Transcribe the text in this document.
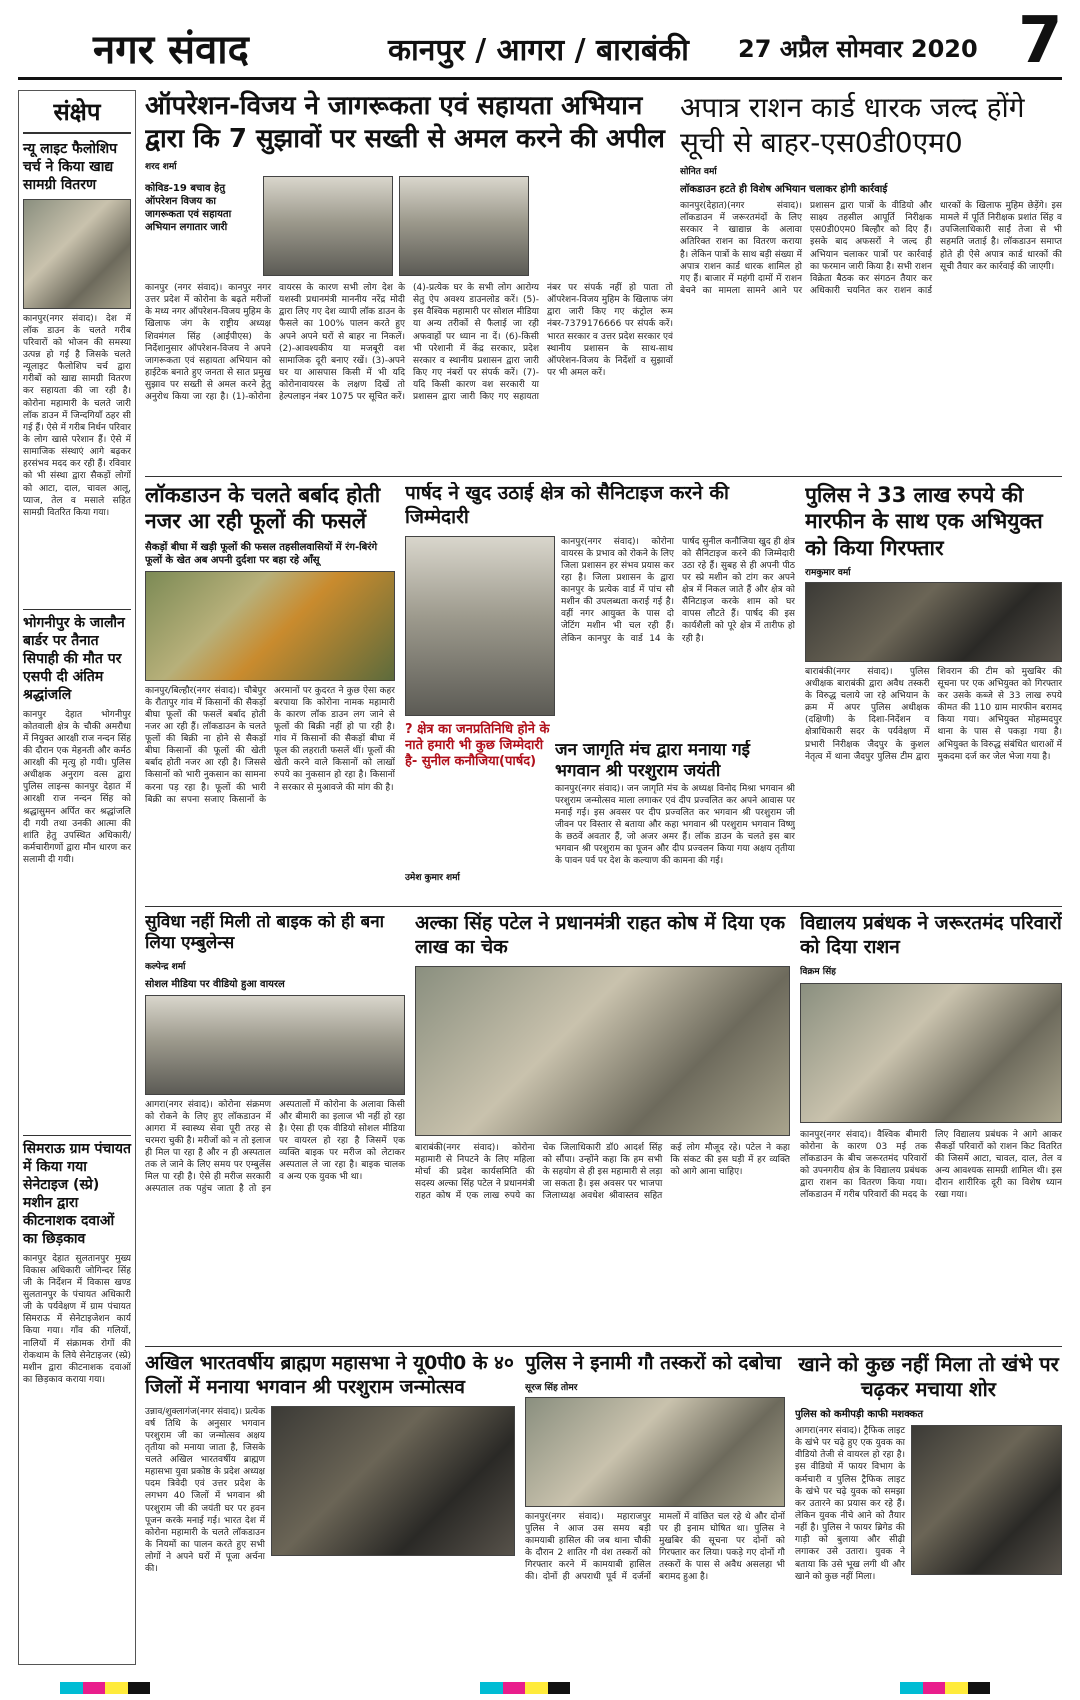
नगर संवाद	कानपुर / आगरा / बाराबंकी 27 अप्रैल सोमवार 2020 7
संक्षेप
न्यू लाइट फैलोशिप चर्च ने किया खाद्य सामग्री वितरण
कानपुर(नगर संवाद)। देश में लॉक डाउन के चलते गरीब परिवारों को भोजन की समस्या उत्पन्न हो गई है जिसके चलते न्यूलाइट फैलोशिप चर्च द्वारा गरीबों को खाद्य सामग्री वितरण कर सहायता की जा रही है। कोरोना महामारी के चलते जारी लॉक डाउन में जिन्दगियाँ ठहर सी गई हैं। ऐसे में गरीब निर्धन परिवार के लोग खासे परेशान हैं। ऐसे में सामाजिक संस्थाएं आगे बढ़कर हरसंभव मदद कर रही हैं। रविवार को भी संस्था द्वारा सैकड़ों लोगों को आटा, दाल, चावल आलू, प्याज, तेल व मसाले सहित सामग्री वितरित किया गया।
भोगनीपुर के जालौन बार्डर पर तैनात सिपाही की मौत पर एसपी दी अंतिम श्रद्धांजलि
कानपुर देहात भोगनीपुर कोतवाली क्षेत्र के चौकी अमरौधा में नियुक्त आरक्षी राज नन्दन सिंह की दौरान एक मेहनती और कर्मठ आरक्षी की मृत्यु हो गयी। पुलिस अधीक्षक अनुराग वत्स द्वारा पुलिस लाइन्स कानपुर देहात में आरक्षी राज नन्दन सिंह को श्रद्धासुमन अर्पित कर श्रद्धांजलि दी गयी तथा उनकी आत्मा की शांति हेतु उपस्थित अधिकारी/कर्मचारीगणों द्वारा मौन धारण कर सलामी दी गयी।
सिमराऊ ग्राम पंचायत में किया गया सेनेटाइज (स्प्रे) मशीन द्वारा कीटनाशक दवाओं का छिड़काव
कानपुर देहात सुलतानपुर मुख्य विकास अधिकारी जोगिन्दर सिंह जी के निर्देशन में विकास खण्ड सुलतानपुर के पंचायत अधिकारी जी के पर्यवेक्षण में ग्राम पंचायत सिमराऊ में सेनेटाइजेशन कार्य किया गया। गाँव की गलियों, नालियों में संक्रामक रोगों की रोकथाम के लिये सेनेटाइजर (स्प्रे) मशीन द्वारा कीटनाशक दवाओं का छिड़काव कराया गया।
ऑपरेशन-विजय ने जागरूकता एवं सहायता अभियान द्वारा कि 7 सुझावों पर सख्ती से अमल करने की अपील
शरद शर्मा
कोविड-19 बचाव हेतु ऑपरेशन विजय का जागरूकता एवं सहायता अभियान लगातार जारी
कानपुर (नगर संवाद)। कानपुर नगर उत्तर प्रदेश में कोरोना के बढ़ते मरीजों के मध्य नगर ऑपरेशन-विजय मुहिम के खिलाफ जंग के राष्ट्रीय अध्यक्ष शिवमंगल सिंह (आईपीएस) के निर्देशानुसार ऑपरेशन-विजय ने अपने जागरूकता एवं सहायता अभियान को हाईटेक बनाते हुए जनता से सात प्रमुख सुझाव पर सख्ती से अमल करने हेतु अनुरोध किया जा रहा है। (1)-कोरोना वायरस के कारण सभी लोग देश के यशस्वी प्रधानमंत्री माननीय नरेंद्र मोदी द्वारा लिए गए देश व्यापी लॉक डाउन के फैसले का 100% पालन करते हुए अपने अपने घरों से बाहर ना निकलें। (2)-आवश्यकीय या मजबूरी वश सामाजिक दूरी बनाए रखें। (3)-अपने घर या आसपास किसी में भी यदि कोरोनावायरस के लक्षण दिखें तो हेल्पलाइन नंबर 1075 पर सूचित करें। (4)-प्रत्येक घर के सभी लोग आरोग्य सेतु ऐप अवश्य डाउनलोड करें। (5)-इस वैश्विक महामारी पर सोशल मीडिया या अन्य तरीकों से फैलाई जा रही अफवाहों पर ध्यान ना दें। (6)-किसी भी परेशानी में केंद्र सरकार, प्रदेश सरकार व स्थानीय प्रशासन द्वारा जारी किए गए नंबरों पर संपर्क करें। (7)-यदि किसी कारण वश सरकारी या प्रशासन द्वारा जारी किए गए सहायता नंबर पर संपर्क नहीं हो पाता तो ऑपरेशन-विजय मुहिम के खिलाफ जंग द्वारा जारी किए गए कंट्रोल रूम नंबर-7379176666 पर संपर्क करें। भारत सरकार व उत्तर प्रदेश सरकार एवं स्थानीय प्रशासन के साथ-साथ ऑपरेशन-विजय के निर्देशों व सुझावों पर भी अमल करें।
अपात्र राशन कार्ड धारक जल्द होंगे सूची से बाहर-एस0डी0एम0
सोनित वर्मा
लॉकडाउन हटते ही विशेष अभियान चलाकर होगी कार्रवाई
कानपुर(देहात)(नगर संवाद)। लॉकडाउन में जरूरतमंदों के लिए सरकार ने खाद्यान्न के अलावा अतिरिक्त राशन का वितरण कराया है। लेकिन पात्रों के साथ बड़ी संख्या में अपात्र राशन कार्ड धारक शामिल हो गए हैं। बाजार में महंगी दामों में राशन बेचने का मामला सामने आने पर प्रशासन द्वारा पात्रों के वीडियो और साक्ष्य तहसील आपूर्ति निरीक्षक एस0डी0एम0 बिल्हौर को दिए हैं। इसके बाद अफसरों ने जल्द ही अभियान चलाकर पात्रों पर कार्रवाई का फरमान जारी किया है। सभी राशन विक्रेता बैठक कर संगठन तैयार कर अधिकारी चयनित कर राशन कार्ड धारकों के खिलाफ मुहिम छेड़ेंगे। इस मामले में पूर्ति निरीक्षक प्रशांत सिंह व उपजिलाधिकारी साईं तेजा से भी सहमति जताई है। लॉकडाउन समाप्त होते ही ऐसे अपात्र कार्ड धारकों की सूची तैयार कर कार्रवाई की जाएगी।
लॉकडाउन के चलते बर्बाद होती नजर आ रही फूलों की फसलें
सैकड़ों बीघा में खड़ी फूलों की फसल तहसीलवासियों में रंग-बिरंगे फूलों के खेत अब अपनी दुर्दशा पर बहा रहे आँसू
कानपुर/बिल्हौर(नगर संवाद)। चौबेपुर के रौतापुर गांव में किसानों की सैकड़ों बीघा फूलों की फसलें बर्बाद होती नजर आ रही हैं। लॉकडाउन के चलते फूलों की बिक्री ना होने से सैकड़ों बीघा किसानों की फूलों की खेती बर्बाद होती नजर आ रही है। जिससे किसानों को भारी नुकसान का सामना करना पड़ रहा है। फूलों की भारी बिक्री का सपना सजाए किसानों के अरमानों पर कुदरत ने कुछ ऐसा कहर बरपाया कि कोरोना नामक महामारी के कारण लॉक डाउन लग जाने से फूलों की बिक्री नहीं हो पा रही है। गांव में किसानों की सैकड़ों बीघा में फूल की लहराती फसलें थीं। फूलों की खेती करने वाले किसानों को लाखों रुपये का नुकसान हो रहा है। किसानों ने सरकार से मुआवजे की मांग की है।
पार्षद ने खुद उठाई क्षेत्र को सैनिटाइज करने की जिम्मेदारी
? क्षेत्र का जनप्रतिनिधि होने के नाते हमारी भी कुछ जिम्मेदारी है- सुनील कनौजिया(पार्षद)
कानपुर(नगर संवाद)। कोरोना वायरस के प्रभाव को रोकने के लिए जिला प्रशासन हर संभव प्रयास कर रहा है। जिला प्रशासन के द्वारा कानपुर के प्रत्येक वार्ड में पांच सौ मशीन की उपलब्धता कराई गई है। वहीं नगर आयुक्त के पास दो जेटिंग मशीन भी चल रही हैं। लेकिन कानपुर के वार्ड 14 के पार्षद सुनील कनौजिया खुद ही क्षेत्र को सैनिटाइज करने की जिम्मेदारी उठा रहे हैं। सुबह से ही अपनी पीठ पर स्प्रे मशीन को टांग कर अपने क्षेत्र में निकल जाते हैं और क्षेत्र को सैनिटाइज करके शाम को घर वापस लौटते हैं। पार्षद की इस कार्यशैली को पूरे क्षेत्र में तारीफ हो रही है।
उमेश कुमार शर्मा
पुलिस ने 33 लाख रुपये की मारफीन के साथ एक अभियुक्त को किया गिरफ्तार
रामकुमार वर्मा
बाराबंकी(नगर संवाद)। पुलिस अधीक्षक बाराबंकी द्वारा अवैध तस्करी के विरुद्ध चलाये जा रहे अभियान के क्रम में अपर पुलिस अधीक्षक (दक्षिणी) के दिशा-निर्देशन व क्षेत्राधिकारी सदर के पर्यवेक्षण में प्रभारी निरीक्षक जैदपुर के कुशल नेतृत्व में थाना जैदपुर पुलिस टीम द्वारा शिवरान की टीम को मुखबिर की सूचना पर एक अभियुक्त को गिरफ्तार कर उसके कब्जे से 33 लाख रुपये कीमत की 110 ग्राम मारफीन बरामद किया गया। अभियुक्त मोहम्मदपुर थाना के पास से पकड़ा गया है। अभियुक्त के विरुद्ध संबंधित धाराओं में मुकदमा दर्ज कर जेल भेजा गया है।
जन जागृति मंच द्वारा मनाया गई भगवान श्री परशुराम जयंती
कानपुर(नगर संवाद)। जन जागृति मंच के अध्यक्ष विनोद मिश्रा भगवान श्री परशुराम जन्मोत्सव माला लगाकर एवं दीप प्रज्वलित कर अपने आवास पर मनाई गई। इस अवसर पर दीप प्रज्वलित कर भगवान श्री परशुराम जी जीवन पर विस्तार से बताया और कहा भगवान श्री परशुराम भगवान विष्णु के छठवें अवतार हैं, जो अजर अमर हैं। लॉक डाउन के चलते इस बार भगवान श्री परशुराम का पूजन और दीप प्रज्वलन किया गया अक्षय तृतीया के पावन पर्व पर देश के कल्याण की कामना की गई।
सुविधा नहीं मिली तो बाइक को ही बना लिया एम्बुलेन्स
कल्पेन्द्र शर्मा
सोशल मीडिया पर वीडियो हुआ वायरल
आगरा(नगर संवाद)। कोरोना संक्रमण को रोकने के लिए हुए लॉकडाउन में आगरा में स्वास्थ्य सेवा पूरी तरह से चरमरा चुकी है। मरीजों को न तो इलाज ही मिल पा रहा है और न ही अस्पताल तक ले जाने के लिए समय पर एम्बुलेंस मिल पा रही है। ऐसे ही मरीज सरकारी अस्पताल तक पहुंच जाता है तो इन अस्पतालों में कोरोना के अलावा किसी और बीमारी का इलाज भी नहीं हो रहा है। ऐसा ही एक वीडियो सोशल मीडिया पर वायरल हो रहा है जिसमें एक व्यक्ति बाइक पर मरीज को लेटाकर अस्पताल ले जा रहा है। बाइक चालक व अन्य एक युवक भी था।
अल्का सिंह पटेल ने प्रधानमंत्री राहत कोष में दिया एक लाख का चेक
बाराबंकी(नगर संवाद)। कोरोना महामारी से निपटने के लिए महिला मोर्चा की प्रदेश कार्यसमिति की सदस्य अल्का सिंह पटेल ने प्रधानमंत्री राहत कोष में एक लाख रुपये का चेक जिलाधिकारी डॉ0 आदर्श सिंह को सौंपा। उन्होंने कहा कि हम सभी के सहयोग से ही इस महामारी से लड़ा जा सकता है। इस अवसर पर भाजपा जिलाध्यक्ष अवधेश श्रीवास्तव सहित कई लोग मौजूद रहे। पटेल ने कहा कि संकट की इस घड़ी में हर व्यक्ति को आगे आना चाहिए।
विद्यालय प्रबंधक ने जरूरतमंद परिवारों को दिया राशन
विक्रम सिंह
कानपुर(नगर संवाद)। वैश्विक बीमारी कोरोना के कारण 03 मई तक लॉकडाउन के बीच जरूरतमंद परिवारों को उपनगरीय क्षेत्र के विद्यालय प्रबंधक द्वारा राशन का वितरण किया गया। लॉकडाउन में गरीब परिवारों की मदद के लिए विद्यालय प्रबंधक ने आगे आकर सैकड़ों परिवारों को राशन किट वितरित की जिसमें आटा, चावल, दाल, तेल व अन्य आवश्यक सामग्री शामिल थी। इस दौरान शारीरिक दूरी का विशेष ध्यान रखा गया।
अखिल भारतवर्षीय ब्राह्मण महासभा ने यू0पी0 के ४० जिलों में मनाया भगवान श्री परशुराम जन्मोत्सव
उन्नाव/शुक्लागंज(नगर संवाद)। प्रत्येक वर्ष तिथि के अनुसार भगवान परशुराम जी का जन्मोत्सव अक्षय तृतीया को मनाया जाता है, जिसके चलते अखिल भारतवर्षीय ब्राह्मण महासभा युवा प्रकोष्ठ के प्रदेश अध्यक्ष पदम त्रिवेदी एवं उत्तर प्रदेश के लगभग 40 जिलों में भगवान श्री परशुराम जी की जयंती घर पर हवन पूजन करके मनाई गई। भारत देश में कोरोना महामारी के चलते लॉकडाउन के नियमों का पालन करते हुए सभी लोगों ने अपने घरों में पूजा अर्चना की।
पुलिस ने इनामी गौ तस्करों को दबोचा
सूरज सिंह तोमर
कानपुर(नगर संवाद)। महाराजपुर पुलिस ने आज उस समय बड़ी कामयाबी हासिल की जब थाना चौकी के दौरान 2 शातिर गौ वंश तस्करों को गिरफ्तार करने में कामयाबी हासिल की। दोनों ही अपराधी पूर्व में दर्जनों मामलों में वांछित चल रहे थे और दोनों पर ही इनाम घोषित था। पुलिस ने मुखबिर की सूचना पर दोनों को गिरफ्तार कर लिया। पकड़े गए दोनों गौ तस्करों के पास से अवैध असलहा भी बरामद हुआ है।
खाने को कुछ नहीं मिला तो खंभे पर चढ़कर मचाया शोर
पुलिस को कमीपड़ी काफी मशक्कत
आगरा(नगर संवाद)। ट्रैफिक लाइट के खंभे पर चढ़े हुए एक युवक का वीडियो तेजी से वायरल हो रहा है। इस वीडियो में फायर विभाग के कर्मचारी व पुलिस ट्रैफिक लाइट के खंभे पर चढ़े युवक को समझा कर उतारने का प्रयास कर रहे हैं। लेकिन युवक नीचे आने को तैयार नहीं है। पुलिस ने फायर ब्रिगेड की गाड़ी को बुलाया और सीढ़ी लगाकर उसे उतारा। युवक ने बताया कि उसे भूख लगी थी और खाने को कुछ नहीं मिला।
